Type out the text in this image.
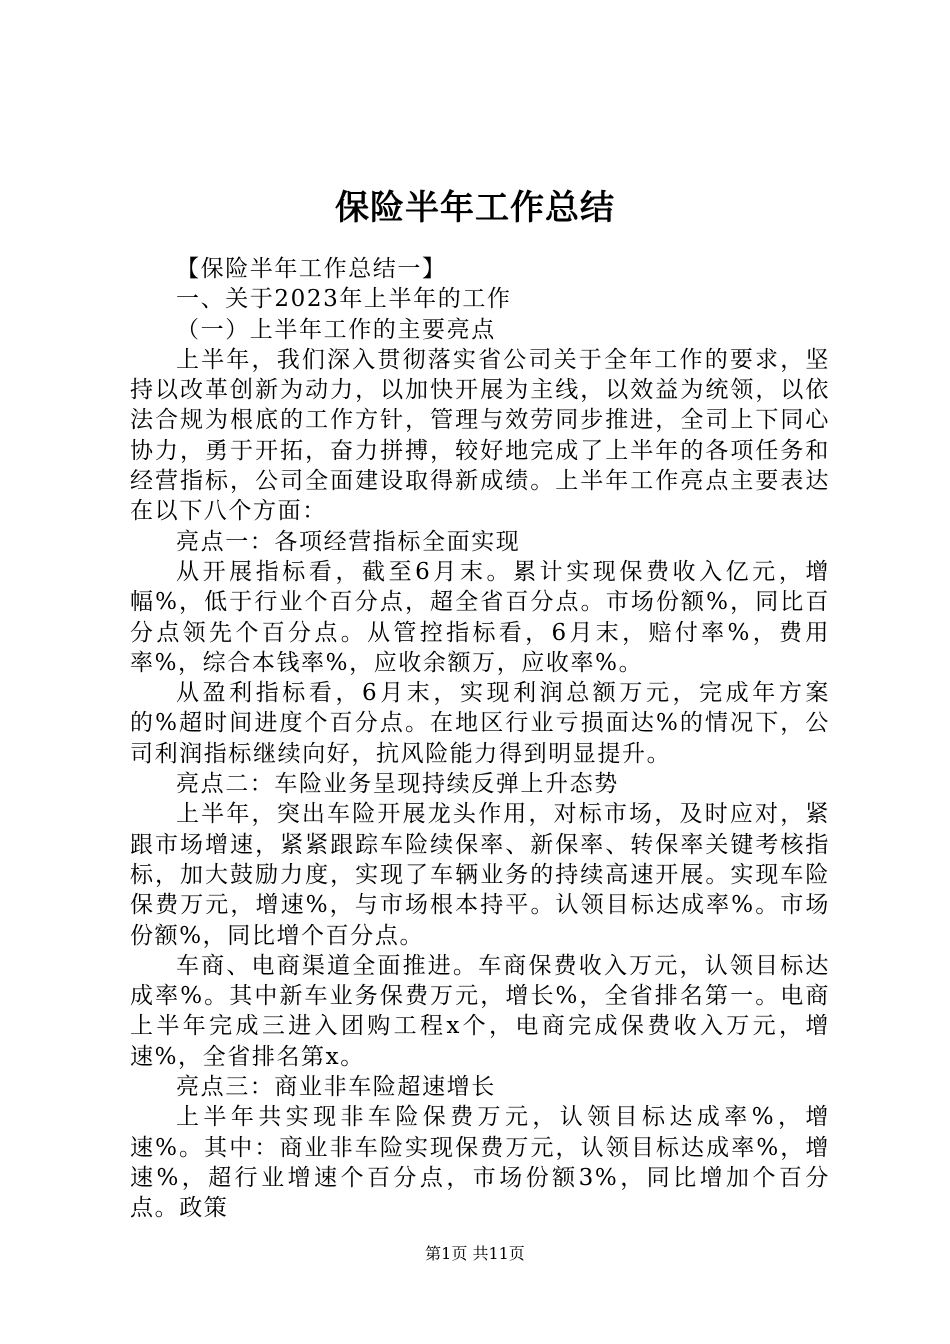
保险半年工作总结

【保险半年工作总结一】

一、关于2023年上半年的工作

（一）上半年工作的主要亮点

上半年，我们深入贯彻落实省公司关于全年工作的要求，坚持以改革创新为动力，以加快开展为主线，以效益为统领，以依法合规为根底的工作方针，管理与效劳同步推进，全司上下同心协力，勇于开拓，奋力拼搏，较好地完成了上半年的各项任务和经营指标，公司全面建设取得新成绩。上半年工作亮点主要表达在以下八个方面：

亮点一：各项经营指标全面实现

从开展指标看，截至6月末。累计实现保费收入亿元，增幅%，低于行业个百分点，超全省百分点。市场份额%，同比百分点领先个百分点。从管控指标看，6月末，赔付率%，费用率%，综合本钱率%，应收余额万，应收率%。

从盈利指标看，6月末，实现利润总额万元，完成年方案的%超时间进度个百分点。在地区行业亏损面达%的情况下，公司利润指标继续向好，抗风险能力得到明显提升。

亮点二：车险业务呈现持续反弹上升态势

上半年，突出车险开展龙头作用，对标市场，及时应对，紧跟市场增速，紧紧跟踪车险续保率、新保率、转保率关键考核指标，加大鼓励力度，实现了车辆业务的持续高速开展。实现车险保费万元，增速%，与市场根本持平。认领目标达成率%。市场份额%，同比增个百分点。

车商、电商渠道全面推进。车商保费收入万元，认领目标达成率%。其中新车业务保费万元，增长%，全省排名第一。电商上半年完成三进入团购工程x个，电商完成保费收入万元，增速%，全省排名第x。

亮点三：商业非车险超速增长

上半年共实现非车险保费万元，认领目标达成率%，增速%。其中：商业非车险实现保费万元，认领目标达成率%，增速%，超行业增速个百分点，市场份额3%，同比增加个百分点。政策

第1页 共11页
